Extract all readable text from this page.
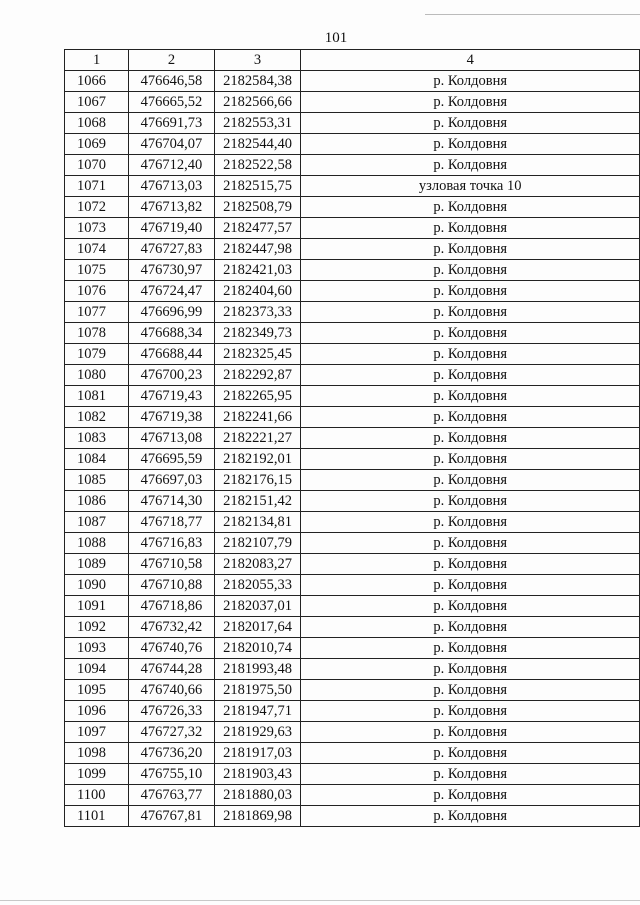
101
1	2	3	4
1066	476646,58	2182584,38	р. Колдовня
1067	476665,52	2182566,66	р. Колдовня
1068	476691,73	2182553,31	р. Колдовня
1069	476704,07	2182544,40	р. Колдовня
1070	476712,40	2182522,58	р. Колдовня
1071	476713,03	2182515,75	узловая точка 10
1072	476713,82	2182508,79	р. Колдовня
1073	476719,40	2182477,57	р. Колдовня
1074	476727,83	2182447,98	р. Колдовня
1075	476730,97	2182421,03	р. Колдовня
1076	476724,47	2182404,60	р. Колдовня
1077	476696,99	2182373,33	р. Колдовня
1078	476688,34	2182349,73	р. Колдовня
1079	476688,44	2182325,45	р. Колдовня
1080	476700,23	2182292,87	р. Колдовня
1081	476719,43	2182265,95	р. Колдовня
1082	476719,38	2182241,66	р. Колдовня
1083	476713,08	2182221,27	р. Колдовня
1084	476695,59	2182192,01	р. Колдовня
1085	476697,03	2182176,15	р. Колдовня
1086	476714,30	2182151,42	р. Колдовня
1087	476718,77	2182134,81	р. Колдовня
1088	476716,83	2182107,79	р. Колдовня
1089	476710,58	2182083,27	р. Колдовня
1090	476710,88	2182055,33	р. Колдовня
1091	476718,86	2182037,01	р. Колдовня
1092	476732,42	2182017,64	р. Колдовня
1093	476740,76	2182010,74	р. Колдовня
1094	476744,28	2181993,48	р. Колдовня
1095	476740,66	2181975,50	р. Колдовня
1096	476726,33	2181947,71	р. Колдовня
1097	476727,32	2181929,63	р. Колдовня
1098	476736,20	2181917,03	р. Колдовня
1099	476755,10	2181903,43	р. Колдовня
1100	476763,77	2181880,03	р. Колдовня
1101	476767,81	2181869,98	р. Колдовня
